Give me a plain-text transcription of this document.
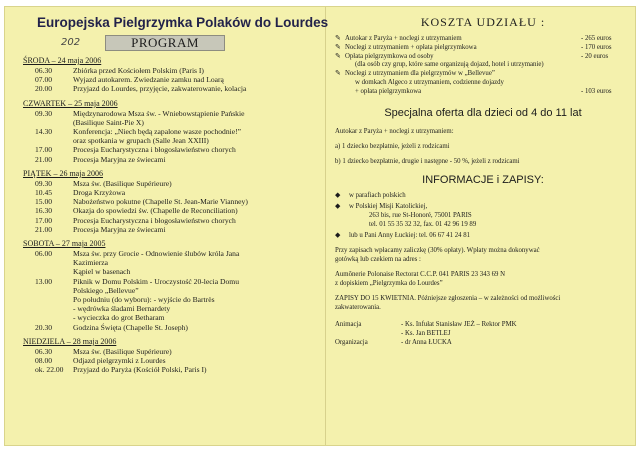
Europejska Pielgrzymka Polaków do Lourdes
202	PROGRAM
ŚRODA – 24 maja 2006
06.30	Zbiórka przed Kościołem Polskim (Paris I)
07.00	Wyjazd autokarem. Zwiedzanie zamku nad Loarą
20.00	Przyjazd do Lourdes, przyjęcie, zakwaterowanie, kolacja
CZWARTEK – 25 maja 2006
09.30	Międzynarodowa Msza św. - Wniebowstąpienie Pańskie
(Basilique Saint-Pie X)
14.30	Konferencja: „Niech będą zapalone wasze pochodnie!”
oraz spotkania w grupach (Salle Jean XXIII)
17.00	Procesja Eucharystyczna i błogosławieństwo chorych
21.00	Procesja Maryjna ze świecami
PIĄTEK – 26 maja 2006
09.30	Msza św. (Basilique Supérieure)
10.45	Droga Krzyżowa
15.00	Nabożeństwo pokutne (Chapelle St. Jean-Marie Vianney)
16.30	Okazja do spowiedzi św. (Chapelle de Reconciliation)
17.00	Procesja Eucharystyczna i błogosławieństwo chorych
21.00	Procesja Maryjna ze świecami
SOBOTA – 27 maja 2005
06.00	Msza św. przy Grocie - Odnowienie ślubów króla Jana
Kazimierza
Kąpiel w basenach
13.00	Piknik w Domu Polskim - Uroczystość 20-lecia Domu
Polskiego „Bellevue”
Po południu (do wyboru): - wyjście do Bartrès
- wędrówka śladami Bernardety
- wycieczka do grot Betharam
20.30	Godzina Święta (Chapelle St. Joseph)
NIEDZIELA – 28 maja 2006
06.30	Msza św. (Basilique Supérieure)
08.00	Odjazd pielgrzymki z Lourdes
ok. 22.00	Przyjazd do Paryża (Kościół Polski, Paris I)
KOSZTA UDZIAŁU :
✎ Autokar z Paryża + noclegi z utrzymaniem	- 265 euros
✎ Noclegi z utrzymaniem + opłata pielgrzymkowa	- 170 euros
✎ Opłata pielgrzymkowa od osoby	- 20 euros
(dla osób czy grup, które same organizują dojazd, hotel i utrzymanie)
✎ Noclegi z utrzymaniem dla pielgrzymów w „Bellevue”
w domkach Algeco z utrzymaniem, codzienne dojazdy
+ opłata pielgrzymkowa	- 103 euros
Specjalna oferta dla dzieci od 4 do 11 lat
Autokar z Paryża + noclegi z utrzymaniem:
a) 1 dziecko bezpłatnie, jeżeli z rodzicami
b) 1 dziecko bezpłatnie, drugie i następne - 50 %, jeżeli z rodzicami
INFORMACJE i ZAPISY:
◆	w parafiach polskich
◆	w Polskiej Misji Katolickiej,
263 bis, rue St-Honoré, 75001 PARIS
tel. 01 55 35 32 32, fax. 01 42 96 19 89
◆	lub u Pani Anny Łuckiej: tel. 06 67 41 24 81
Przy zapisach wpłacamy zaliczkę (30% opłaty). Wpłaty można dokonywać
gotówką lub czekiem na adres :
Aumônerie Polonaise Rectorat C.C.P. 041 PARIS 23 343 69 N
z dopiskiem „Pielgrzymka do Lourdes”
ZAPISY DO 15 KWIETNIA. Późniejsze zgłoszenia – w zależności od możliwości
zakwaterowania.
Animacja	- Ks. Infułat Stanisław JEŻ – Rektor PMK
- Ks. Jan BETLEJ
Organizacja	- dr Anna ŁUCKA
